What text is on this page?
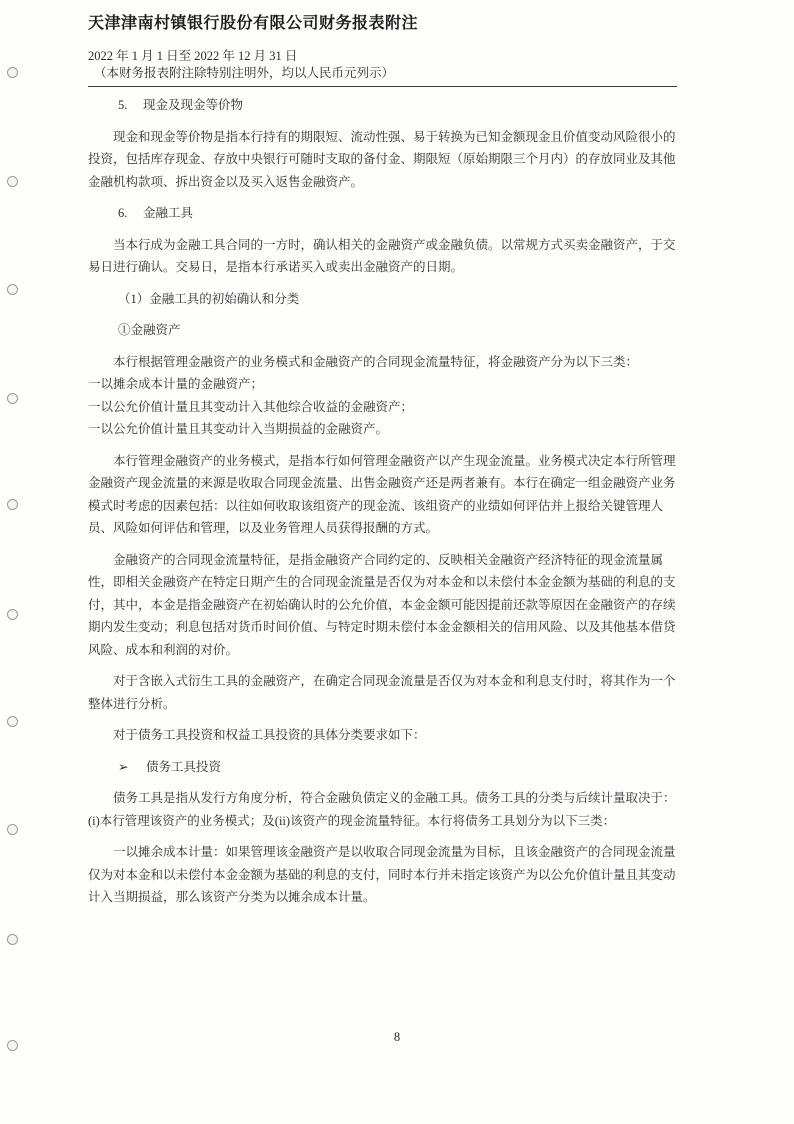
天津津南村镇银行股份有限公司财务报表附注
2022 年 1 月 1 日至 2022 年 12 月 31 日
（本财务报表附注除特别注明外，均以人民币元列示）

5.　 现金及现金等价物

现金和现金等价物是指本行持有的期限短、流动性强、易于转换为已知金额现金且价值变动风险很小的投资，包括库存现金、存放中央银行可随时支取的备付金、期限短（原始期限三个月内）的存放同业及其他金融机构款项、拆出资金以及买入返售金融资产。

6.　 金融工具

当本行成为金融工具合同的一方时，确认相关的金融资产或金融负债。以常规方式买卖金融资产，于交易日进行确认。交易日，是指本行承诺买入或卖出金融资产的日期。

（1）金融工具的初始确认和分类

①金融资产

本行根据管理金融资产的业务模式和金融资产的合同现金流量特征，将金融资产分为以下三类：

一以摊余成本计量的金融资产；

一以公允价值计量且其变动计入其他综合收益的金融资产；

一以公允价值计量且其变动计入当期损益的金融资产。

本行管理金融资产的业务模式，是指本行如何管理金融资产以产生现金流量。业务模式决定本行所管理金融资产现金流量的来源是收取合同现金流量、出售金融资产还是两者兼有。本行在确定一组金融资产业务模式时考虑的因素包括：以往如何收取该组资产的现金流、该组资产的业绩如何评估并上报给关键管理人员、风险如何评估和管理，以及业务管理人员获得报酬的方式。

金融资产的合同现金流量特征，是指金融资产合同约定的、反映相关金融资产经济特征的现金流量属性，即相关金融资产在特定日期产生的合同现金流量是否仅为对本金和以未偿付本金金额为基础的利息的支付，其中，本金是指金融资产在初始确认时的公允价值，本金金额可能因提前还款等原因在金融资产的存续期内发生变动；利息包括对货币时间价值、与特定时期未偿付本金金额相关的信用风险、以及其他基本借贷风险、成本和利润的对价。

对于含嵌入式衍生工具的金融资产，在确定合同现金流量是否仅为对本金和利息支付时，将其作为一个整体进行分析。

对于债务工具投资和权益工具投资的具体分类要求如下：

➢ 债务工具投资

债务工具是指从发行方角度分析，符合金融负债定义的金融工具。债务工具的分类与后续计量取决于：(i)本行管理该资产的业务模式；及(ii)该资产的现金流量特征。本行将债务工具划分为以下三类：

一以摊余成本计量：如果管理该金融资产是以收取合同现金流量为目标，且该金融资产的合同现金流量仅为对本金和以未偿付本金金额为基础的利息的支付，同时本行并未指定该资产为以公允价值计量且其变动计入当期损益，那么该资产分类为以摊余成本计量。

8
